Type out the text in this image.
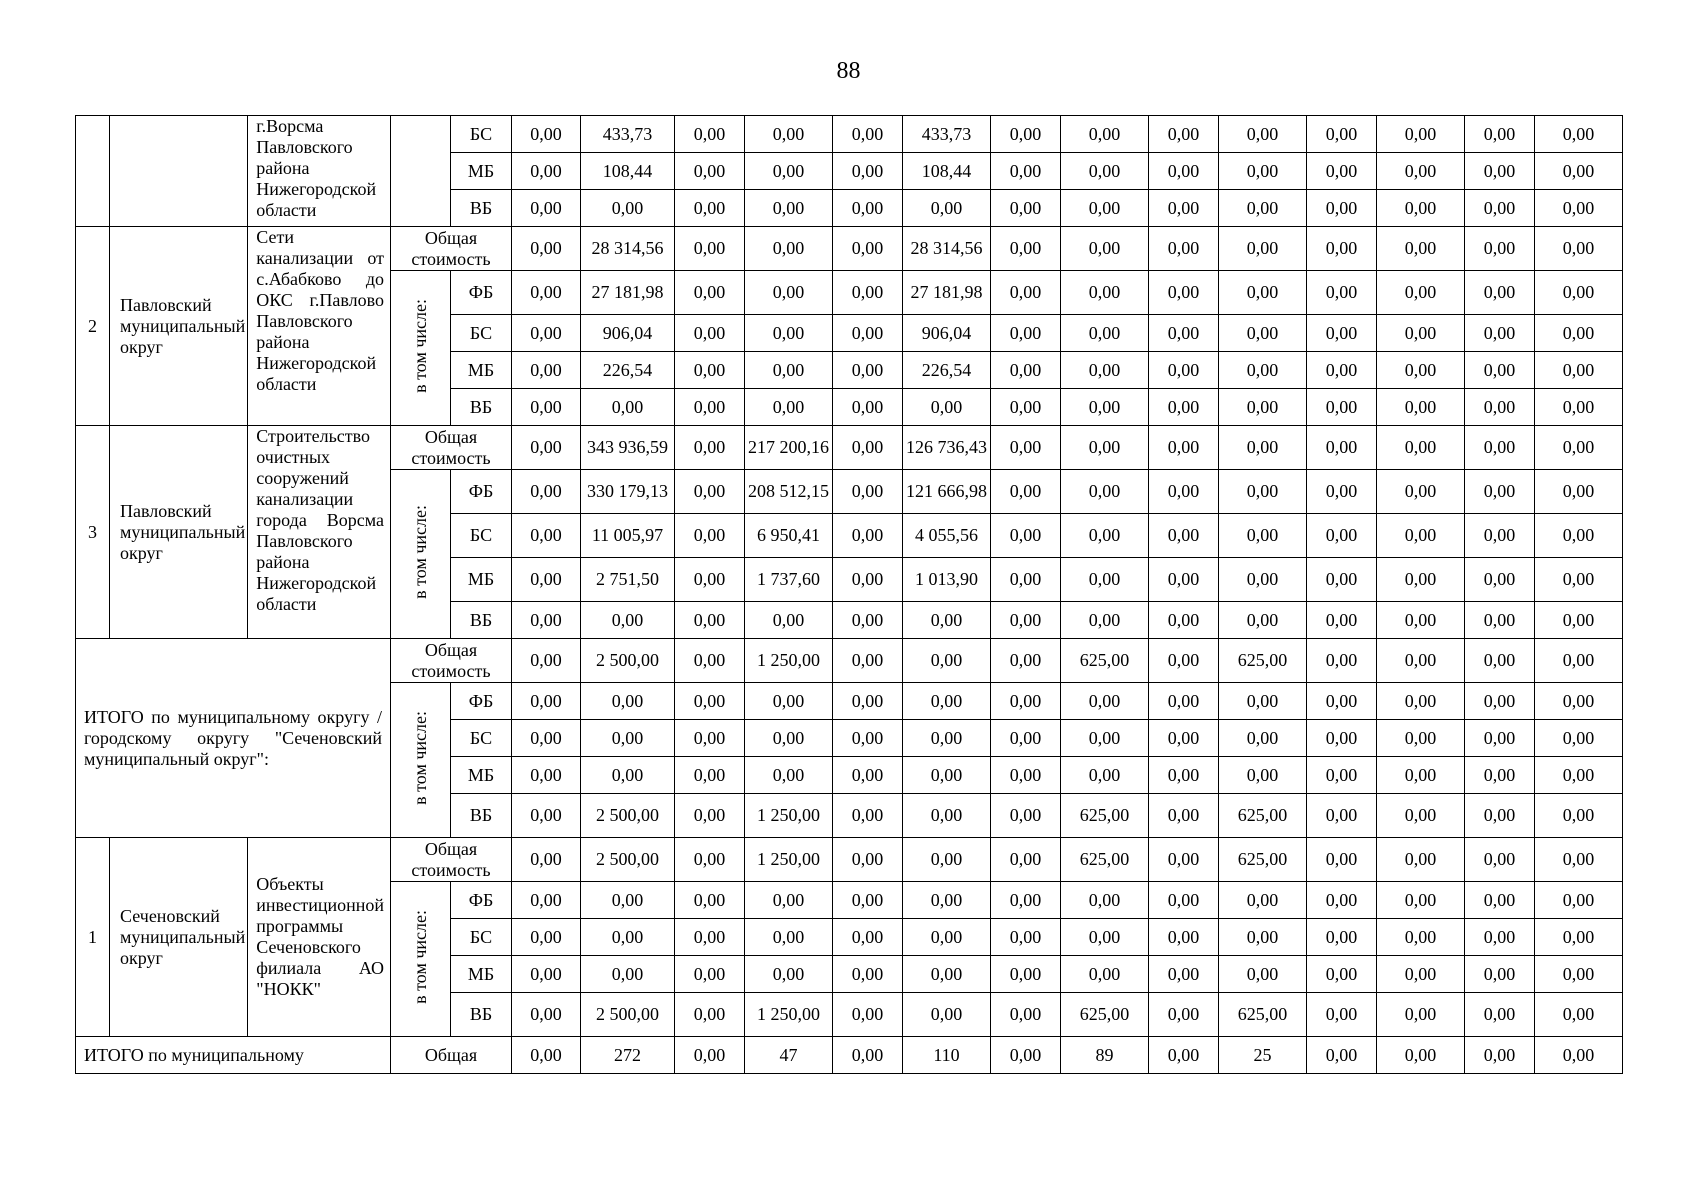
88
		г.Ворсма Павловского района Нижегородской области		БС	0,00	433,73	0,00	0,00	0,00	433,73	0,00	0,00	0,00	0,00	0,00	0,00	0,00	0,00
				МБ	0,00	108,44	0,00	0,00	0,00	108,44	0,00	0,00	0,00	0,00	0,00	0,00	0,00	0,00
				ВБ	0,00	0,00	0,00	0,00	0,00	0,00	0,00	0,00	0,00	0,00	0,00	0,00	0,00	0,00
2	Павловский муниципальный округ	Сети канализации от с.Абабково до ОКС г.Павлово Павловского района Нижегородской области	Общая стоимость		0,00	28 314,56	0,00	0,00	0,00	28 314,56	0,00	0,00	0,00	0,00	0,00	0,00	0,00	0,00
			в том числе:	ФБ	0,00	27 181,98	0,00	0,00	0,00	27 181,98	0,00	0,00	0,00	0,00	0,00	0,00	0,00	0,00
				БС	0,00	906,04	0,00	0,00	0,00	906,04	0,00	0,00	0,00	0,00	0,00	0,00	0,00	0,00
				МБ	0,00	226,54	0,00	0,00	0,00	226,54	0,00	0,00	0,00	0,00	0,00	0,00	0,00	0,00
				ВБ	0,00	0,00	0,00	0,00	0,00	0,00	0,00	0,00	0,00	0,00	0,00	0,00	0,00	0,00
3	Павловский муниципальный округ	Строительство очистных сооружений канализации города Ворсма Павловского района Нижегородской области	Общая стоимость		0,00	343 936,59	0,00	217 200,16	0,00	126 736,43	0,00	0,00	0,00	0,00	0,00	0,00	0,00	0,00
			в том числе:	ФБ	0,00	330 179,13	0,00	208 512,15	0,00	121 666,98	0,00	0,00	0,00	0,00	0,00	0,00	0,00	0,00
				БС	0,00	11 005,97	0,00	6 950,41	0,00	4 055,56	0,00	0,00	0,00	0,00	0,00	0,00	0,00	0,00
				МБ	0,00	2 751,50	0,00	1 737,60	0,00	1 013,90	0,00	0,00	0,00	0,00	0,00	0,00	0,00	0,00
				ВБ	0,00	0,00	0,00	0,00	0,00	0,00	0,00	0,00	0,00	0,00	0,00	0,00	0,00	0,00
ИТОГО по муниципальному округу / городскому округу "Сеченовский муниципальный округ":			Общая стоимость		0,00	2 500,00	0,00	1 250,00	0,00	0,00	0,00	625,00	0,00	625,00	0,00	0,00	0,00	0,00
			в том числе:	ФБ	0,00	0,00	0,00	0,00	0,00	0,00	0,00	0,00	0,00	0,00	0,00	0,00	0,00	0,00
				БС	0,00	0,00	0,00	0,00	0,00	0,00	0,00	0,00	0,00	0,00	0,00	0,00	0,00	0,00
				МБ	0,00	0,00	0,00	0,00	0,00	0,00	0,00	0,00	0,00	0,00	0,00	0,00	0,00	0,00
				ВБ	0,00	2 500,00	0,00	1 250,00	0,00	0,00	0,00	625,00	0,00	625,00	0,00	0,00	0,00	0,00
1	Сеченовский муниципальный округ	Объекты инвестиционной программы Сеченовского филиала АО "НОКК"	Общая стоимость		0,00	2 500,00	0,00	1 250,00	0,00	0,00	0,00	625,00	0,00	625,00	0,00	0,00	0,00	0,00
			в том числе:	ФБ	0,00	0,00	0,00	0,00	0,00	0,00	0,00	0,00	0,00	0,00	0,00	0,00	0,00	0,00
				БС	0,00	0,00	0,00	0,00	0,00	0,00	0,00	0,00	0,00	0,00	0,00	0,00	0,00	0,00
				МБ	0,00	0,00	0,00	0,00	0,00	0,00	0,00	0,00	0,00	0,00	0,00	0,00	0,00	0,00
				ВБ	0,00	2 500,00	0,00	1 250,00	0,00	0,00	0,00	625,00	0,00	625,00	0,00	0,00	0,00	0,00
ИТОГО по муниципальному			Общая		0,00	272	0,00	47	0,00	110	0,00	89	0,00	25	0,00	0,00	0,00	0,00
